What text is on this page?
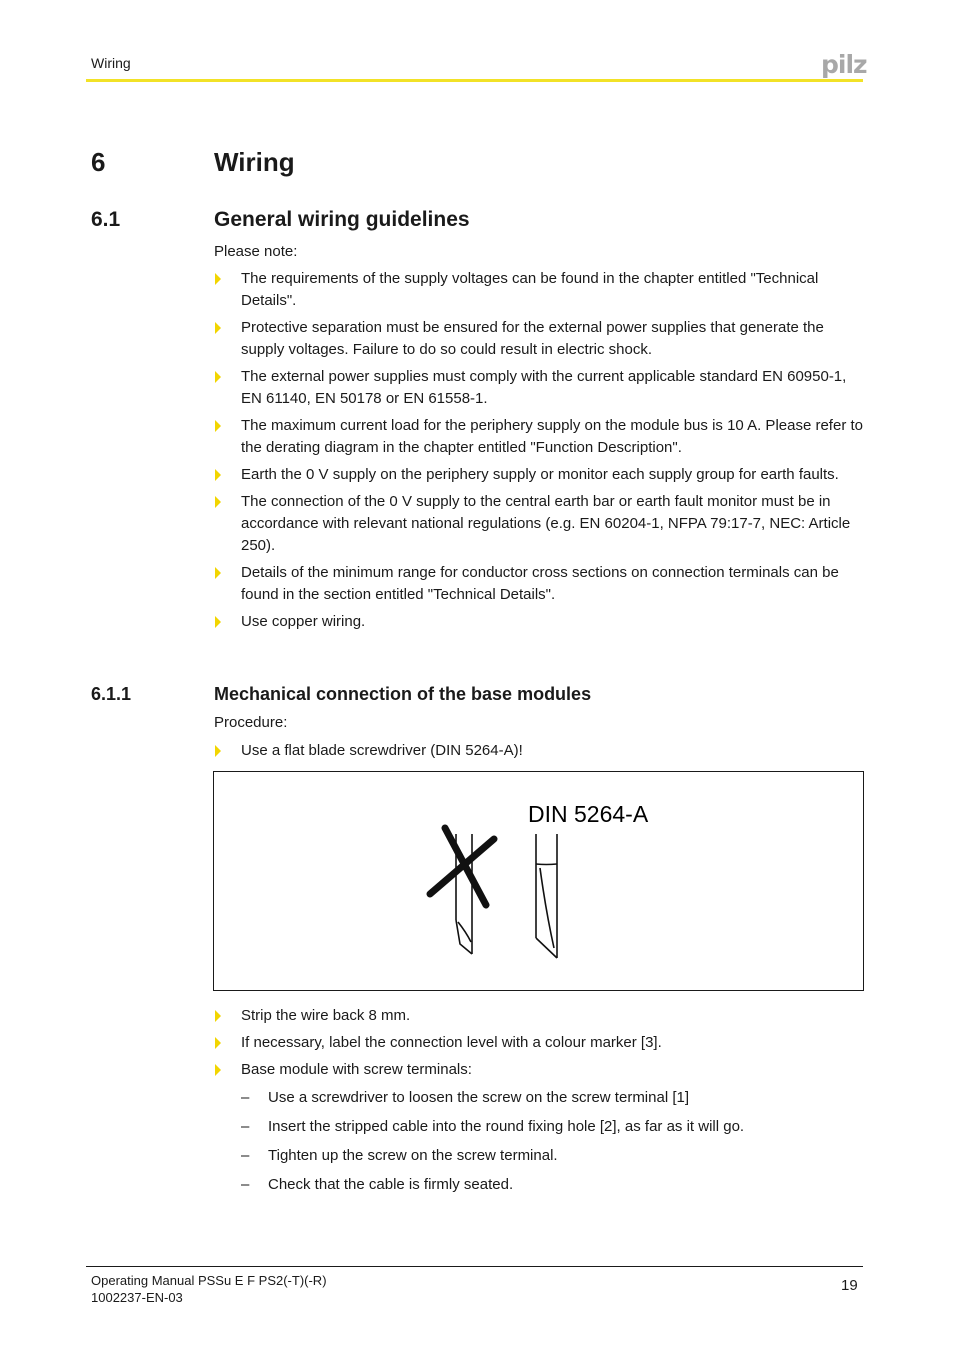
Wiring	pilz
6	Wiring
6.1	General wiring guidelines
Please note:
The requirements of the supply voltages can be found in the chapter entitled "Technical Details".
Protective separation must be ensured for the external power supplies that generate the supply voltages. Failure to do so could result in electric shock.
The external power supplies must comply with the current applicable standard EN 60950-1, EN 61140, EN 50178 or EN 61558-1.
The maximum current load for the periphery supply on the module bus is 10 A. Please refer to the derating diagram in the chapter entitled "Function Description".
Earth the 0 V supply on the periphery supply or monitor each supply group for earth faults.
The connection of the 0 V supply to the central earth bar or earth fault monitor must be in accordance with relevant national regulations (e.g. EN 60204-1, NFPA 79:17-7, NEC: Article 250).
Details of the minimum range for conductor cross sections on connection terminals can be found in the section entitled "Technical Details".
Use copper wiring.
6.1.1	Mechanical connection of the base modules
Procedure:
Use a flat blade screwdriver (DIN 5264-A)!
DIN 5264-A
Strip the wire back 8 mm.
If necessary, label the connection level with a colour marker [3].
Base module with screw terminals:
– Use a screwdriver to loosen the screw on the screw terminal [1]
– Insert the stripped cable into the round fixing hole [2], as far as it will go.
– Tighten up the screw on the screw terminal.
– Check that the cable is firmly seated.
Operating Manual PSSu E F PS2(-T)(-R)
1002237-EN-03
19
